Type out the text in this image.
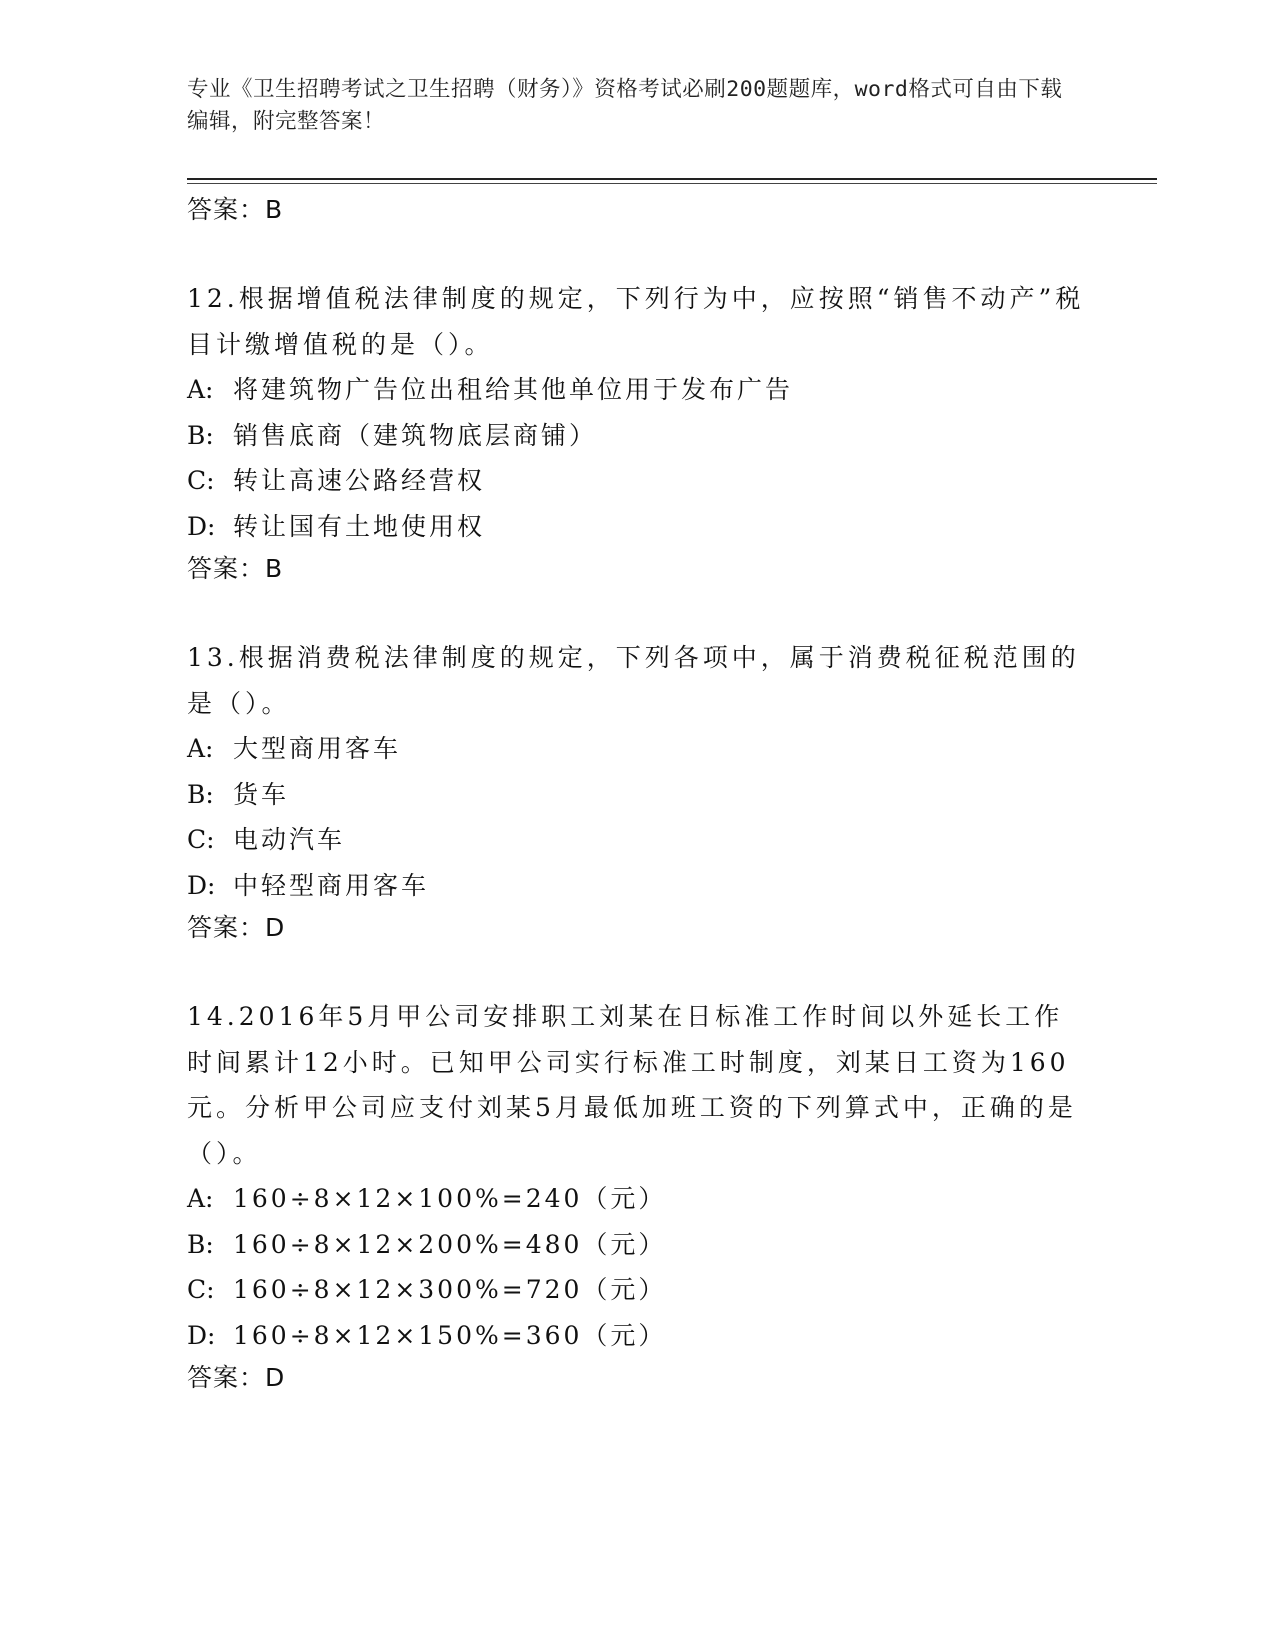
专业《卫生招聘考试之卫生招聘（财务）》资格考试必刷200题题库，word格式可自由下载编辑，附完整答案！

答案：B

12.根据增值税法律制度的规定，下列行为中，应按照“销售不动产”税目计缴增值税的是（）。

A: 将建筑物广告位出租给其他单位用于发布广告

B: 销售底商（建筑物底层商铺）

C: 转让高速公路经营权

D: 转让国有土地使用权

答案：B

13.根据消费税法律制度的规定，下列各项中，属于消费税征税范围的是（）。

A: 大型商用客车

B: 货车

C: 电动汽车

D: 中轻型商用客车

答案：D

14.2016年5月甲公司安排职工刘某在日标准工作时间以外延长工作时间累计12小时。已知甲公司实行标准工时制度，刘某日工资为160元。分析甲公司应支付刘某5月最低加班工资的下列算式中，正确的是（）。

A: 160÷8×12×100%=240（元）

B: 160÷8×12×200%=480（元）

C: 160÷8×12×300%=720（元）

D: 160÷8×12×150%=360（元）

答案：D
